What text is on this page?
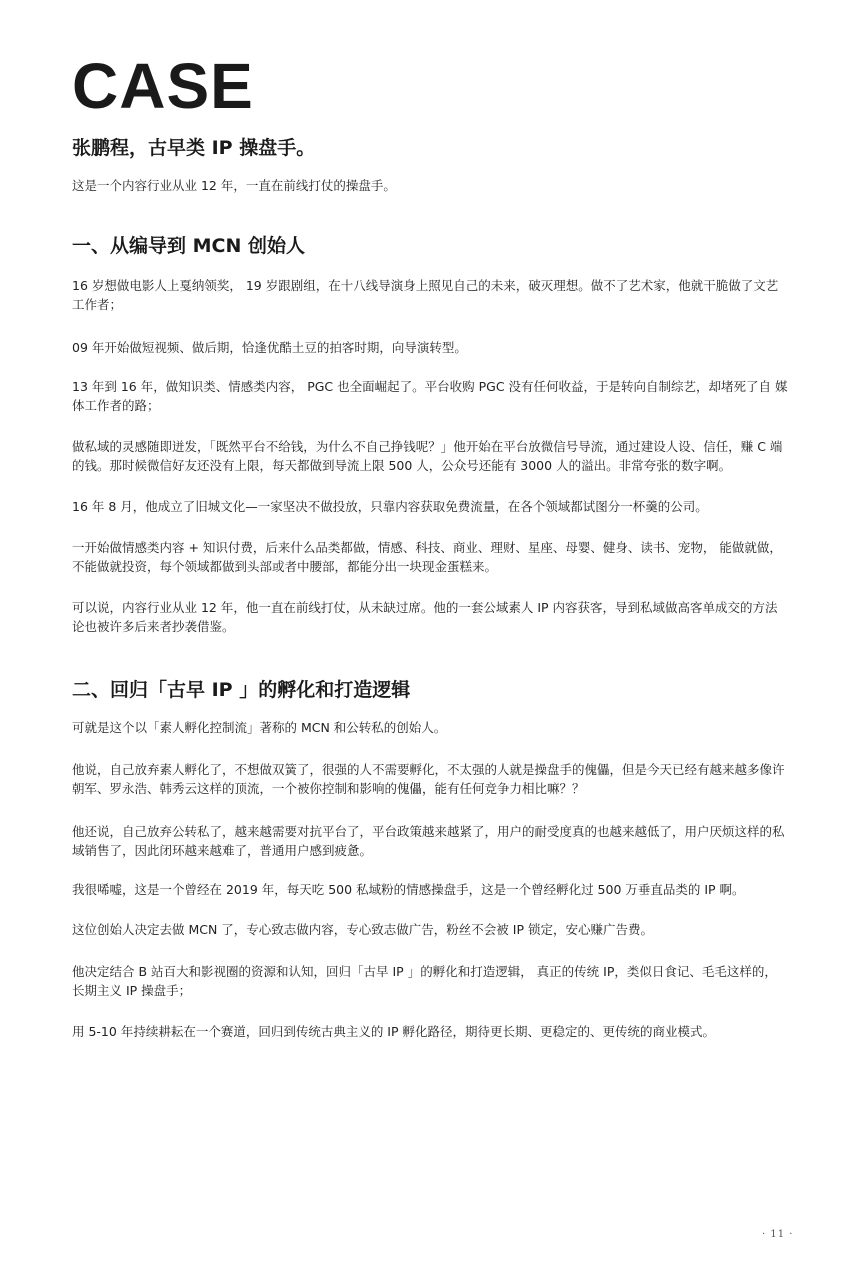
CASE
张鹏程，古早类 IP 操盘手。

这是一个内容行业从业 12 年，一直在前线打仗的操盘手。

一、从编导到 MCN 创始人

16 岁想做电影人上戛纳领奖， 19 岁跟剧组，在十八线导演身上照见自己的未来，破灭理想。做不了艺术家，他就干脆做了文艺工作者；

09 年开始做短视频、做后期，恰逢优酷土豆的拍客时期，向导演转型。

13 年到 16 年，做知识类、情感类内容， PGC 也全面崛起了。平台收购 PGC 没有任何收益，于是转向自制综艺，却堵死了自 媒体工作者的路；

做私域的灵感随即迸发，「既然平台不给钱，为什么不自己挣钱呢？」他开始在平台放微信号导流，通过建设人设、信任，赚 C 端的钱。那时候微信好友还没有上限，每天都做到导流上限 500 人，公众号还能有 3000 人的溢出。非常夸张的数字啊。

16 年 8 月，他成立了旧城文化—一家坚决不做投放，只靠内容获取免费流量，在各个领域都试图分一杯羹的公司。

一开始做情感类内容 + 知识付费，后来什么品类都做，情感、科技、商业、理财、星座、母婴、健身、读书、宠物， 能做就做，不能做就投资，每个领域都做到头部或者中腰部，都能分出一块现金蛋糕来。

可以说，内容行业从业 12 年，他一直在前线打仗，从未缺过席。他的一套公域素人 IP 内容获客，导到私域做高客单成交的方法论也被许多后来者抄袭借鉴。

二、回归「古早 IP 」的孵化和打造逻辑

可就是这个以「素人孵化控制流」著称的 MCN 和公转私的创始人。

他说，自己放弃素人孵化了，不想做双簧了，很强的人不需要孵化，不太强的人就是操盘手的傀儡，但是今天已经有越来越多像许朝军、罗永浩、韩秀云这样的顶流，一个被你控制和影响的傀儡，能有任何竞争力相比嘛？？

他还说，自己放弃公转私了，越来越需要对抗平台了，平台政策越来越紧了，用户的耐受度真的也越来越低了，用户厌烦这样的私域销售了，因此闭环越来越难了，普通用户感到疲惫。

我很唏嘘，这是一个曾经在 2019 年，每天吃 500 私域粉的情感操盘手，这是一个曾经孵化过 500 万垂直品类的 IP 啊。

这位创始人决定去做 MCN 了，专心致志做内容，专心致志做广告，粉丝不会被 IP 锁定，安心赚广告费。

他决定结合 B 站百大和影视圈的资源和认知，回归「古早 IP 」的孵化和打造逻辑， 真正的传统 IP，类似日食记、毛毛这样的， 长期主义 IP 操盘手；

用 5-10 年持续耕耘在一个赛道，回归到传统古典主义的 IP 孵化路径，期待更长期、更稳定的、更传统的商业模式。

· 11 ·
